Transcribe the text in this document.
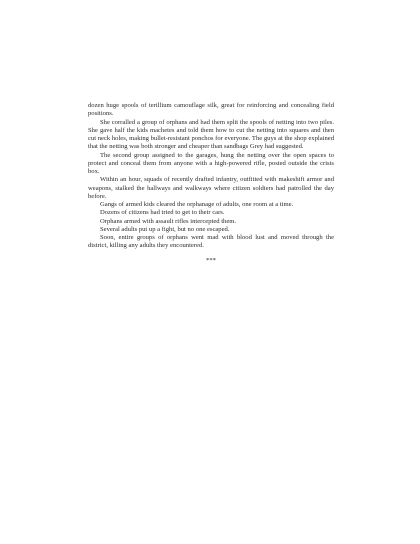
dozen huge spools of terillium camouflage silk, great for reinforcing and concealing field positions.

She corralled a group of orphans and had them split the spools of netting into two piles. She gave half the kids machetes and told them how to cut the netting into squares and then cut neck holes, making bullet-resistant ponchos for everyone. The guys at the shop explained that the netting was both stronger and cheaper than sandbags Grey had suggested.

The second group assigned to the garages, hung the netting over the open spaces to protect and conceal them from anyone with a high-powered rifle, posted outside the crisis box.

Within an hour, squads of recently drafted infantry, outfitted with makeshift armor and weapons, stalked the hallways and walkways where citizen soldiers had patrolled the day before.

Gangs of armed kids cleared the orphanage of adults, one room at a time.

Dozens of citizens had tried to get to their cars.

Orphans armed with assault rifles intercepted them.

Several adults put up a fight, but no one escaped.

Soon, entire groups of orphans went mad with blood lust and moved through the district, killing any adults they encountered.

***
